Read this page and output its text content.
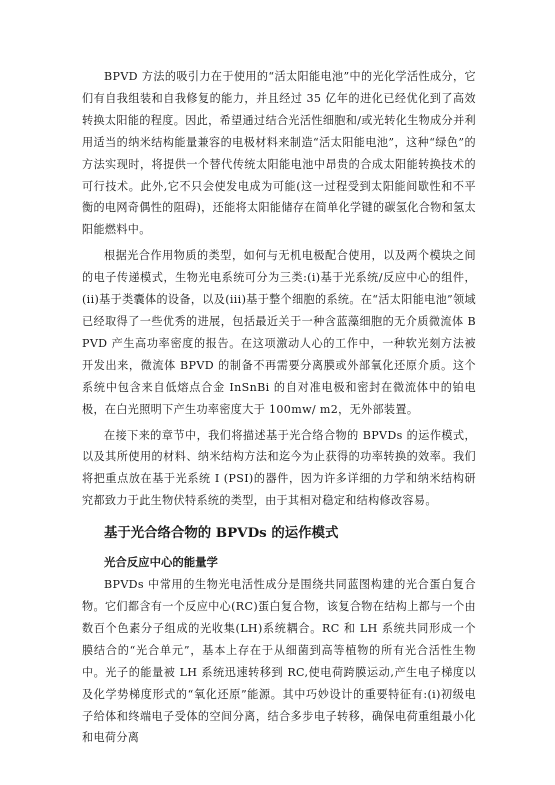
BPVD 方法的吸引力在于使用的“活太阳能电池”中的光化学活性成分，它们有自我组装和自我修复的能力，并且经过 35 亿年的进化已经优化到了高效转换太阳能的程度。因此，希望通过结合光活性细胞和/或光转化生物成分并利用适当的纳米结构能量兼容的电极材料来制造“活太阳能电池”，这种“绿色”的方法实现时，将提供一个替代传统太阳能电池中昂贵的合成太阳能转换技术的可行技术。此外,它不只会使发电成为可能(这一过程受到太阳能间歇性和不平衡的电网奇偶性的阻碍)，还能将太阳能储存在简单化学键的碳氢化合物和氢太阳能燃料中。

根据光合作用物质的类型，如何与无机电极配合使用，以及两个模块之间的电子传递模式，生物光电系统可分为三类:(i)基于光系统/反应中心的组件，(ii)基于类囊体的设备，以及(iii)基于整个细胞的系统。在“活太阳能电池”领域已经取得了一些优秀的进展，包括最近关于一种含蓝藻细胞的无介质微流体 BPVD 产生高功率密度的报告。在这项激动人心的工作中，一种软光刻方法被开发出来，微流体 BPVD 的制备不再需要分离膜或外部氧化还原介质。这个系统中包含来自低熔点合金 InSnBi 的自对准电极和密封在微流体中的铂电极，在白光照明下产生功率密度大于 100mw/ m2，无外部装置。

在接下来的章节中，我们将描述基于光合络合物的 BPVDs 的运作模式，以及其所使用的材料、纳米结构方法和迄今为止获得的功率转换的效率。我们将把重点放在基于光系统 I (PSI)的器件，因为许多详细的力学和纳米结构研究都致力于此生物伏特系统的类型，由于其相对稳定和结构修改容易。

基于光合络合物的 BPVDs 的运作模式
光合反应中心的能量学

BPVDs 中常用的生物光电活性成分是围绕共同蓝图构建的光合蛋白复合物。它们都含有一个反应中心(RC)蛋白复合物，该复合物在结构上都与一个由数百个色素分子组成的光收集(LH)系统耦合。RC 和 LH 系统共同形成一个膜结合的“光合单元”，基本上存在于从细菌到高等植物的所有光合活性生物中。光子的能量被 LH 系统迅速转移到 RC,使电荷跨膜运动,产生电子梯度以及化学势梯度形式的“氧化还原”能源。其中巧妙设计的重要特征有:(i)初级电子给体和终端电子受体的空间分离，结合多步电子转移，确保电荷重组最小化和电荷分离
